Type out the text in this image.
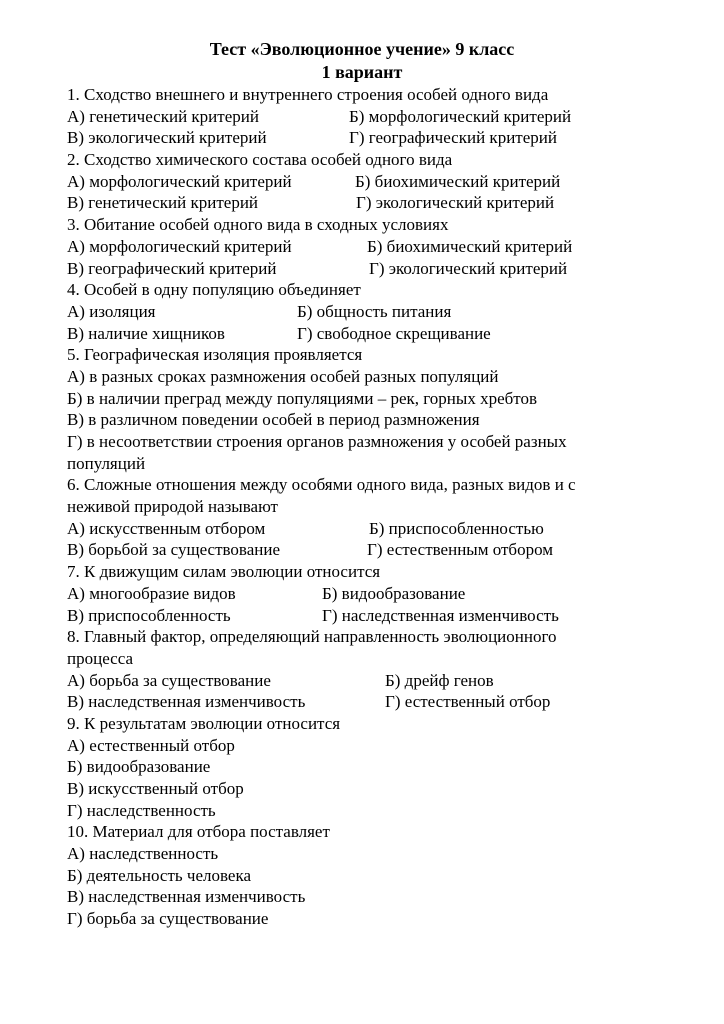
Тест «Эволюционное учение» 9 класс
1 вариант
1. Сходство внешнего и внутреннего строения особей одного вида
А) генетический критерий	Б) морфологический критерий
В) экологический критерий	Г) географический критерий
2. Сходство химического состава особей одного вида
А) морфологический критерий	Б) биохимический критерий
В) генетический критерий	Г) экологический критерий
3. Обитание особей одного вида в сходных условиях
А) морфологический критерий	Б) биохимический критерий
В) географический критерий	Г) экологический критерий
4. Особей в одну популяцию объединяет
А) изоляция	Б) общность питания
В) наличие хищников	Г) свободное скрещивание
5. Географическая изоляция проявляется
А) в разных сроках размножения особей разных популяций
Б) в наличии преград между популяциями – рек, горных хребтов
В) в различном поведении особей в период размножения
Г) в несоответствии строения органов размножения у особей разных
популяций
6. Сложные отношения между особями одного вида, разных видов и с
неживой природой называют
А) искусственным отбором	Б) приспособленностью
В) борьбой за существование	Г) естественным отбором
7. К движущим силам эволюции относится
А) многообразие видов	Б) видообразование
В) приспособленность	Г) наследственная изменчивость
8. Главный фактор, определяющий направленность эволюционного
процесса
А) борьба за существование	Б) дрейф генов
В) наследственная изменчивость	Г) естественный отбор
9. К результатам эволюции относится
А) естественный отбор
Б) видообразование
В) искусственный отбор
Г) наследственность
10. Материал для отбора поставляет
А) наследственность
Б) деятельность человека
В) наследственная изменчивость
Г) борьба за существование
